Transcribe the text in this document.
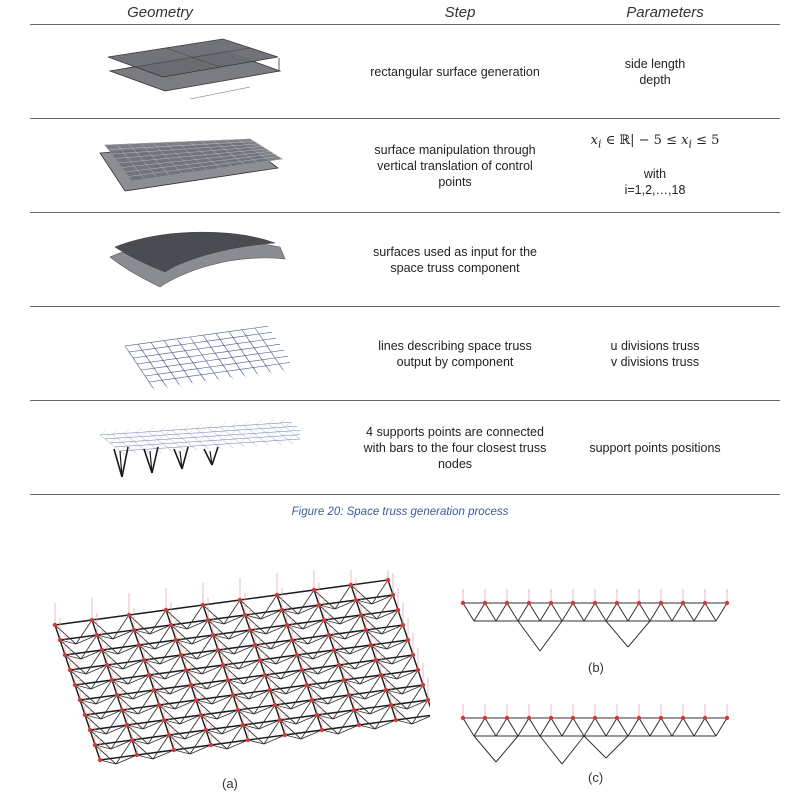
Geometry	Step	Parameters
rectangular surface generation
side length
depth
surface manipulation through vertical translation of control points
$x_i$ ∈ ℝ| − $5 \le x_i \le 5$
with
i=1,2,…,18
surfaces used as input for the space truss component
lines describing space truss output by component
u divisions truss
v divisions truss
4 supports points are connected with bars to the four closest truss nodes
support points positions
Figure 20: Space truss generation process
(a)
(b)
(c)
